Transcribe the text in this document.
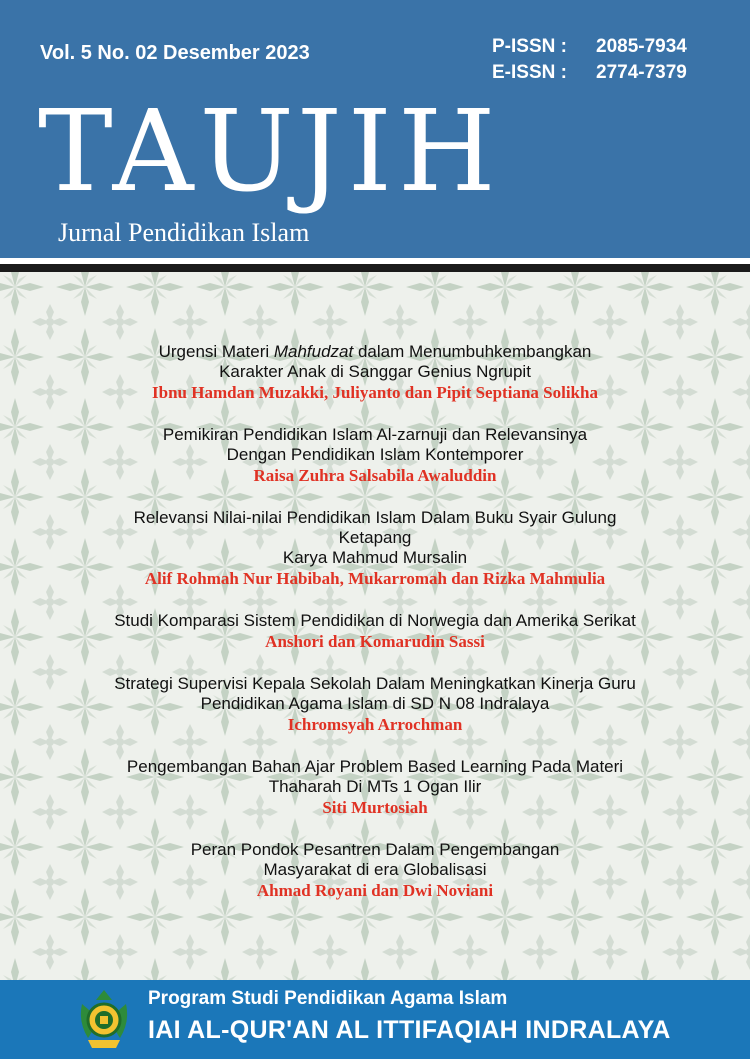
Vol. 5 No. 02 Desember 2023	P-ISSN : 2085-7934
E-ISSN : 2774-7379
TAUJIH
Jurnal Pendidikan Islam
Urgensi Materi Mahfudzat dalam Menumbuhkembangkan
Karakter Anak di Sanggar Genius Ngrupit
Ibnu Hamdan Muzakki, Juliyanto dan Pipit Septiana Solikha
Pemikiran Pendidikan Islam Al-zarnuji dan Relevansinya
Dengan Pendidikan Islam Kontemporer
Raisa Zuhra Salsabila Awaluddin
Relevansi Nilai-nilai Pendidikan Islam Dalam Buku Syair Gulung
Ketapang
Karya Mahmud Mursalin
Alif Rohmah Nur Habibah, Mukarromah dan Rizka Mahmulia
Studi Komparasi Sistem Pendidikan di Norwegia dan Amerika Serikat
Anshori dan Komarudin Sassi
Strategi Supervisi Kepala Sekolah Dalam Meningkatkan Kinerja Guru
Pendidikan Agama Islam di SD N 08 Indralaya
Ichromsyah Arrochman
Pengembangan Bahan Ajar Problem Based Learning Pada Materi
Thaharah Di MTs 1 Ogan Ilir
Siti Murtosiah
Peran Pondok Pesantren Dalam Pengembangan
Masyarakat di era Globalisasi
Ahmad Royani dan Dwi Noviani
Program Studi Pendidikan Agama Islam
IAI AL-QUR'AN AL ITTIFAQIAH INDRALAYA
